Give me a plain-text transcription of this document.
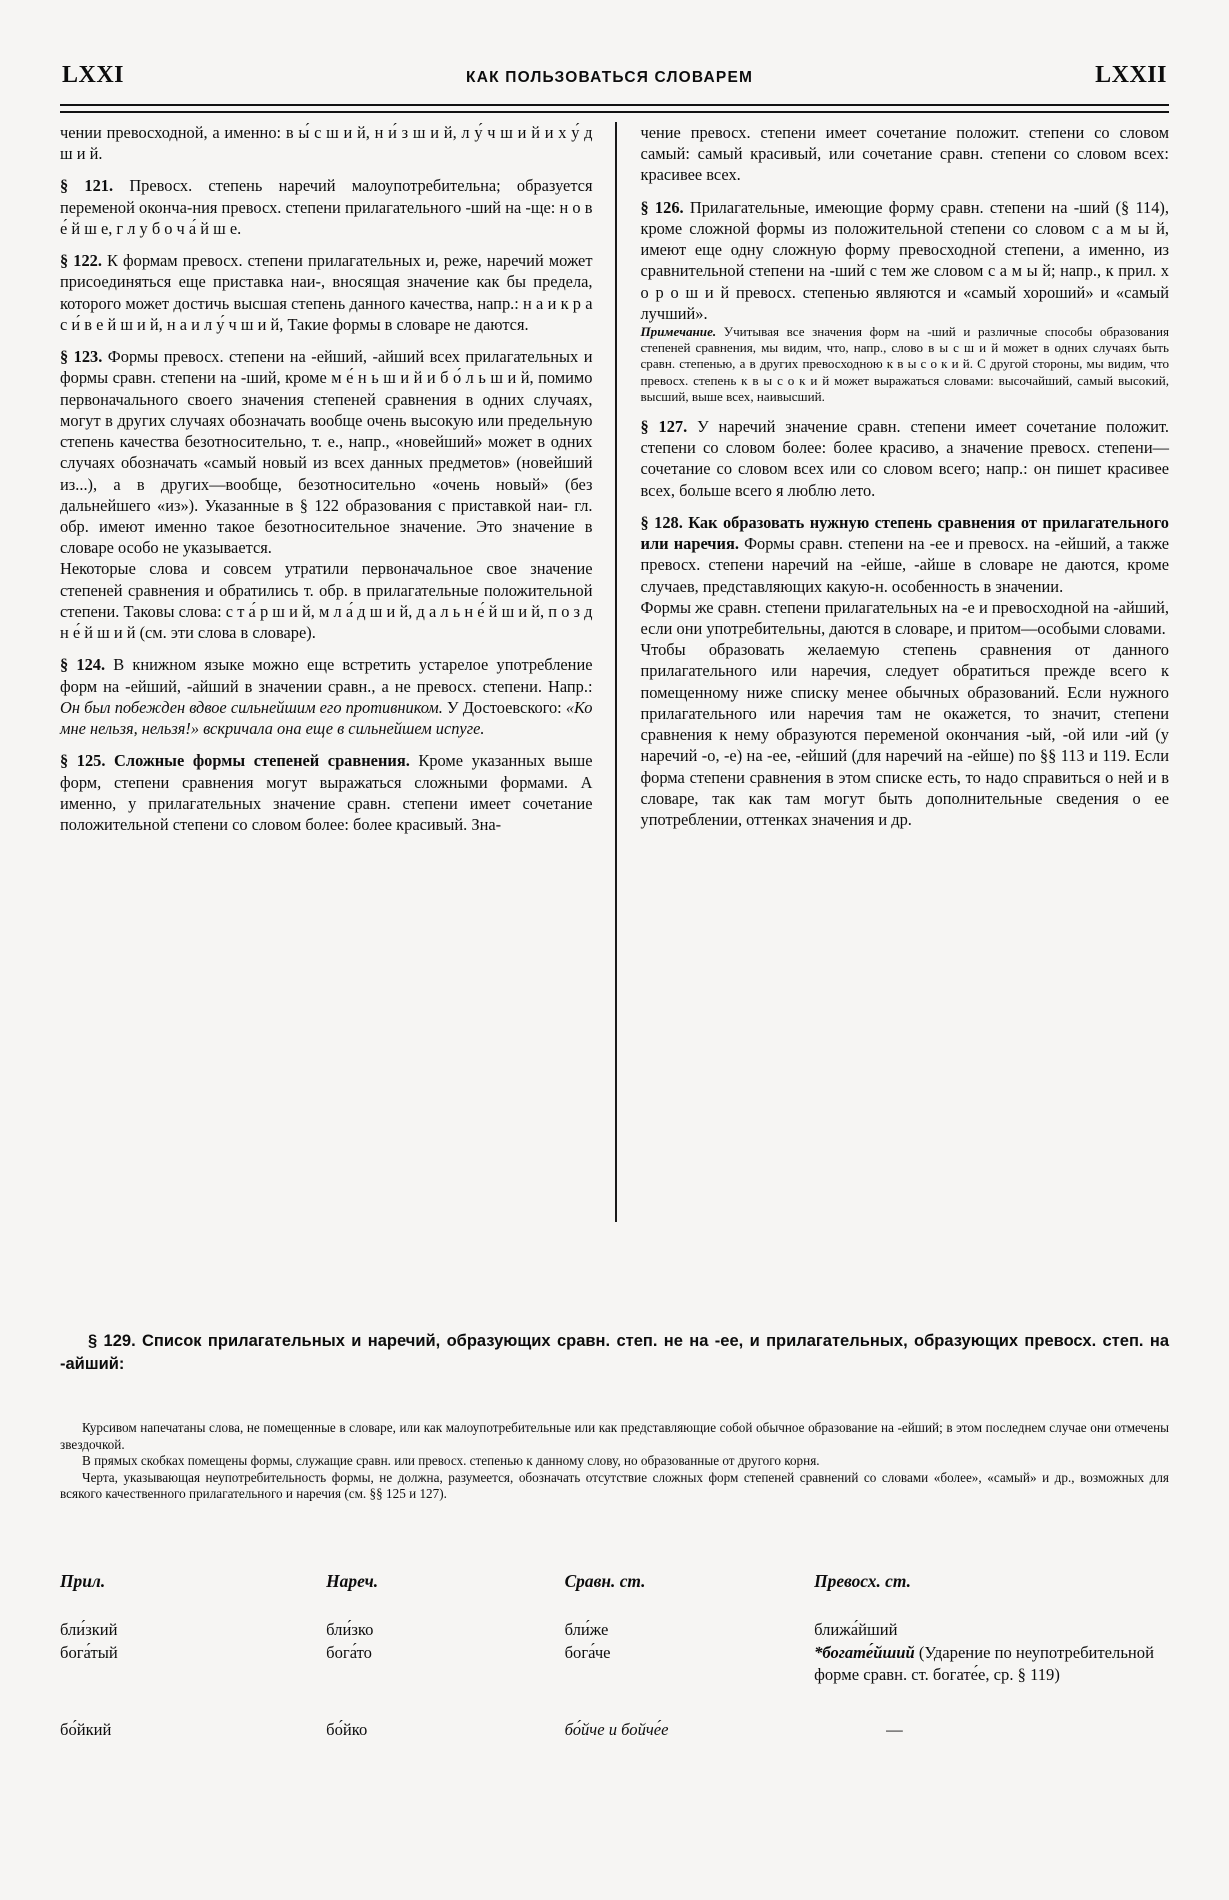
LXXI	КАК ПОЛЬЗОВАТЬСЯ СЛОВАРЕМ	LXXII

чении превосходной, а именно: в ы́ с ш и й, н и́ з ш и й, л у́ ч ш и й и х у́ д ш и й.

§ 121. Превосх. степень наречий малоупотребительна; образуется переменой оконча-ния превосх. степени прилагательного -ший на -ще: н о в е́ й ш е, г л у б о ч а́ й ш е.

§ 122. К формам превосх. степени прилагательных и, реже, наречий может присоединяться еще приставка наи-, вносящая значение как бы предела, которого может достичь высшая степень данного качества, напр.: н а и к р а с и́ в е й ш и й, н а и л у́ ч ш и й, Такие формы в словаре не даются.

§ 123. Формы превосх. степени на -ейший, -айший всех прилагательных и формы сравн. степени на -ший, кроме м е́ н ь ш и й и б о́ л ь ш и й, помимо первоначального своего значения степеней сравнения в одних случаях, могут в других случаях обозначать вообще очень высокую или предельную степень качества безотносительно, т. е., напр., «новейший» может в одних случаях обозначать «самый новый из всех данных предметов» (новейший из...), а в других—вообще, безотносительно «очень новый» (без дальнейшего «из»). Указанные в § 122 образования с приставкой наи- гл. обр. имеют именно такое безотносительное значение. Это значение в словаре особо не указывается.

Некоторые слова и совсем утратили первоначальное свое значение степеней сравнения и обратились т. обр. в прилагательные положительной степени. Таковы слова: с т а́ р ш и й, м л а́ д ш и й, д а л ь н е́ й ш и й, п о з д н е́ й ш и й (см. эти слова в словаре).

§ 124. В книжном языке можно еще встретить устарелое употребление форм на -ейший, -айший в значении сравн., а не превосх. степени. Напр.: Он был побежден вдвое сильнейшим его противником. У Достоевского: «Ко мне нельзя, нельзя!» вскричала она еще в сильнейшем испуге.

§ 125. Сложные формы степеней сравнения. Кроме указанных выше форм, степени сравнения могут выражаться сложными формами. А именно, у прилагательных значение сравн. степени имеет сочетание положительной степени со словом более: более красивый. Зна-

чение превосх. степени имеет сочетание положит. степени со словом самый: самый красивый, или сочетание сравн. степени со словом всех: красивее всех.

§ 126. Прилагательные, имеющие форму сравн. степени на -ший (§ 114), кроме сложной формы из положительной степени со словом с а м ы й, имеют еще одну сложную форму превосходной степени, а именно, из сравнительной степени на -ший с тем же словом с а м ы й; напр., к прил. х о р о ш и й превосх. степенью являются и «самый хороший» и «самый лучший».

Примечание. Учитывая все значения форм на -ший и различные способы образования степеней сравнения, мы видим, что, напр., слово в ы с ш и й может в одних случаях быть сравн. степенью, а в других превосходною к в ы с о к и й. С другой стороны, мы видим, что превосх. степень к в ы с о к и й может выражаться словами: высочайший, самый высокий, высший, выше всех, наивысший.

§ 127. У наречий значение сравн. степени имеет сочетание положит. степени со словом более: более красиво, а значение превосх. степени—сочетание со словом всех или со словом всего; напр.: он пишет красивее всех, больше всего я люблю лето.

§ 128. Как образовать нужную степень сравнения от прилагательного или наречия. Формы сравн. степени на -ее и превосх. на -ейший, а также превосх. степени наречий на -ейше, -айше в словаре не даются, кроме случаев, представляющих какую-н. особенность в значении.

Формы же сравн. степени прилагательных на -е и превосходной на -айший, если они употребительны, даются в словаре, и притом—особыми словами.

Чтобы образовать желаемую степень сравнения от данного прилагательного или наречия, следует обратиться прежде всего к помещенному ниже списку менее обычных образований. Если нужного прилагательного или наречия там не окажется, то значит, степени сравнения к нему образуются переменой окончания -ый, -ой или -ий (у наречий -о, -е) на -ее, -ейший (для наречий на -ейше) по §§ 113 и 119. Если форма степени сравнения в этом списке есть, то надо справиться о ней и в словаре, так как там могут быть дополнительные сведения о ее употреблении, оттенках значения и др.

§ 129. Список прилагательных и наречий, образующих сравн. степ. не на -ее, и прилагательных, образующих превосх. степ. на -айший:

Курсивом напечатаны слова, не помещенные в словаре, или как малоупотребительные или как представляющие собой обычное образование на -ейший; в этом последнем случае они отмечены звездочкой.

В прямых скобках помещены формы, служащие сравн. или превосх. степенью к данному слову, но образованные от другого корня.

Черта, указывающая неупотребительность формы, не должна, разумеется, обозначать отсутствие сложных форм степеней сравнений со словами «более», «самый» и др., возможных для всякого качественного прилагательного и наречия (см. §§ 125 и 127).

Прил.	Нареч.	Сравн. ст.	Превосх. ст.
бли́зкий	бли́зко	бли́же	ближа́йший
бога́тый	бога́то	бога́че	*богате́йший (Ударение по неупотребительной форме сравн. ст. богате́е, ср. § 119)
бо́йкий	бо́йко	бо́йче и бойче́е	—
